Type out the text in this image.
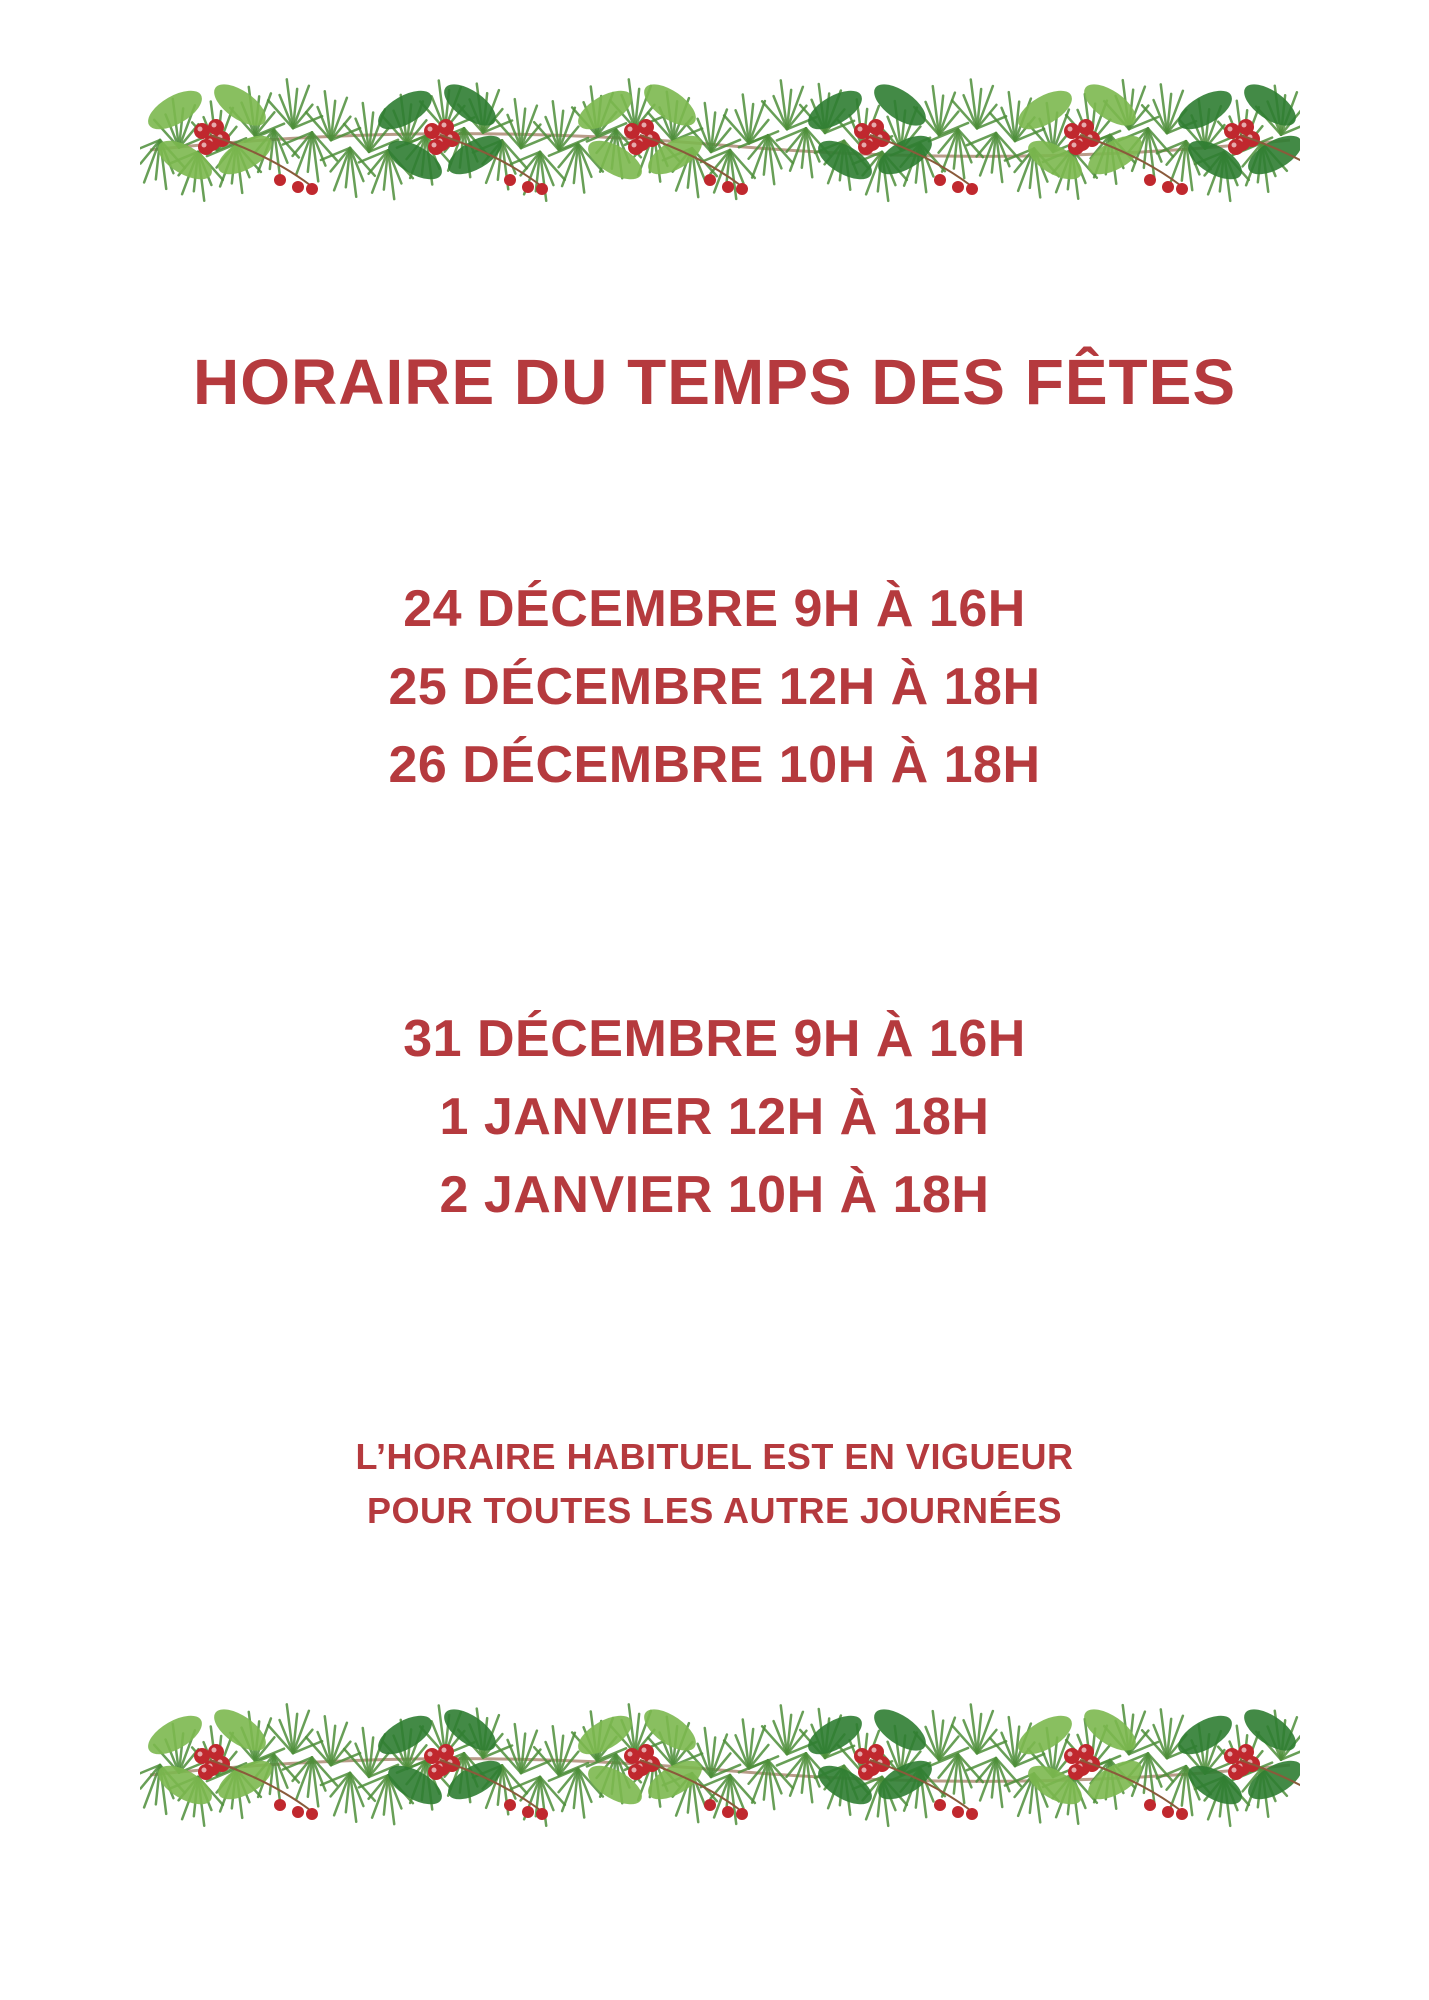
HORAIRE DU TEMPS DES FÊTES
24 DÉCEMBRE 9H À 16H
25 DÉCEMBRE 12H À 18H
26 DÉCEMBRE 10H À 18H
31 DÉCEMBRE 9H À 16H
1 JANVIER 12H À 18H
2 JANVIER 10H À 18H
L’HORAIRE HABITUEL EST EN VIGUEUR
POUR TOUTES LES AUTRE JOURNÉES
